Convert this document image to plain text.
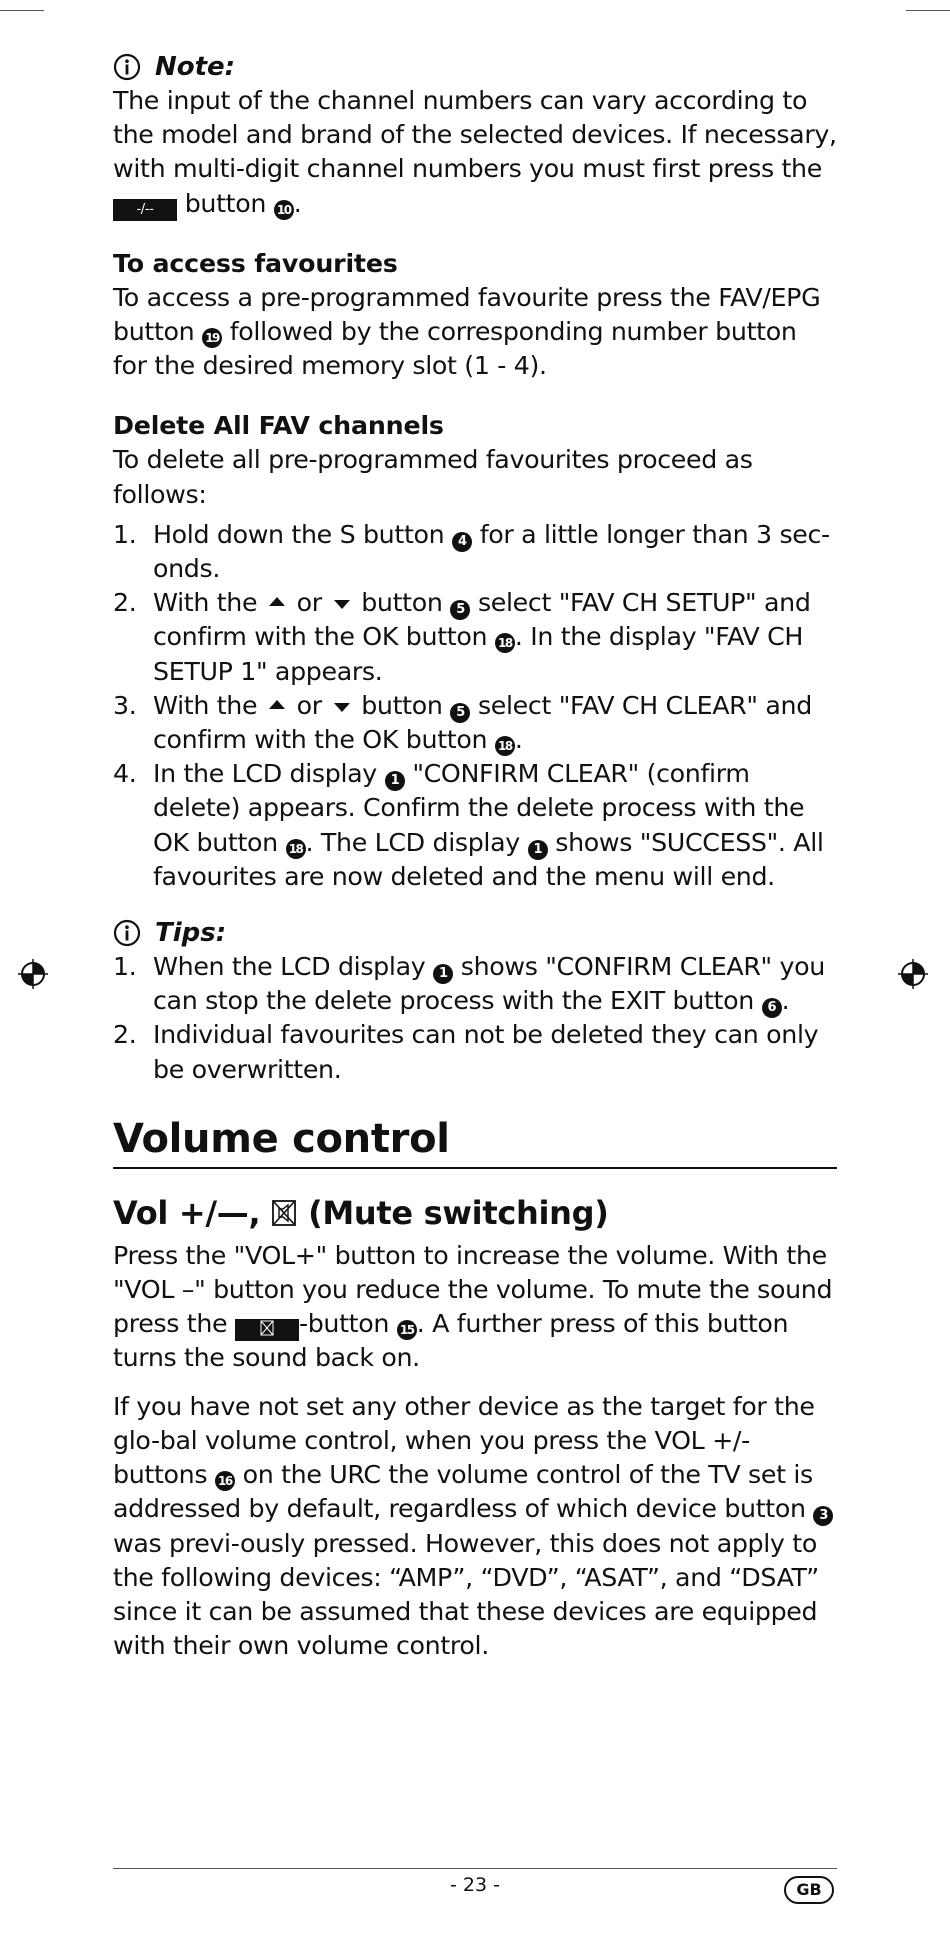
Note:

The input of the channel numbers can vary according to the model and brand of the selected devices. If necessary, with multi-digit channel numbers you must first press the -/-- button 10 .

To access favourites

To access a pre-programmed favourite press the FAV/EPG button 19 followed by the corresponding number button for the desired memory slot (1 - 4).

Delete All FAV channels

To delete all pre-programmed favourites proceed as follows:

1. Hold down the S button 4 for a little longer than 3 sec-onds.
2. With the or button 5 select "FAV CH SETUP" and confirm with the OK button 18 . In the display "FAV CH SETUP 1" appears.
3. With the or button 5 select "FAV CH CLEAR" and confirm with the OK button 18 .
4. In the LCD display 1 "CONFIRM CLEAR" (confirm delete) appears. Confirm the delete process with the OK button 18 . The LCD display 1 shows "SUCCESS". All favourites are now deleted and the menu will end.
Tips:
1. When the LCD display 1 shows "CONFIRM CLEAR" you can stop the delete process with the EXIT button 6 .
2. Individual favourites can not be deleted they can only be overwritten.
Volume control
Vol +/—, (Mute switching)

Press the "VOL+" button to increase the volume. With the "VOL –" button you reduce the volume. To mute the sound press the	-button 15 . A further press of this button turns the sound back on.

If you have not set any other device as the target for the glo-bal volume control, when you press the VOL +/- buttons 16 on the URC the volume control of the TV set is addressed by default, regardless of which device button 3 was previ-ously pressed. However, this does not apply to the following devices: “AMP”, “DVD”, “ASAT”, and “DSAT” since it can be assumed that these devices are equipped with their own volume control.

- 23 -	GB
